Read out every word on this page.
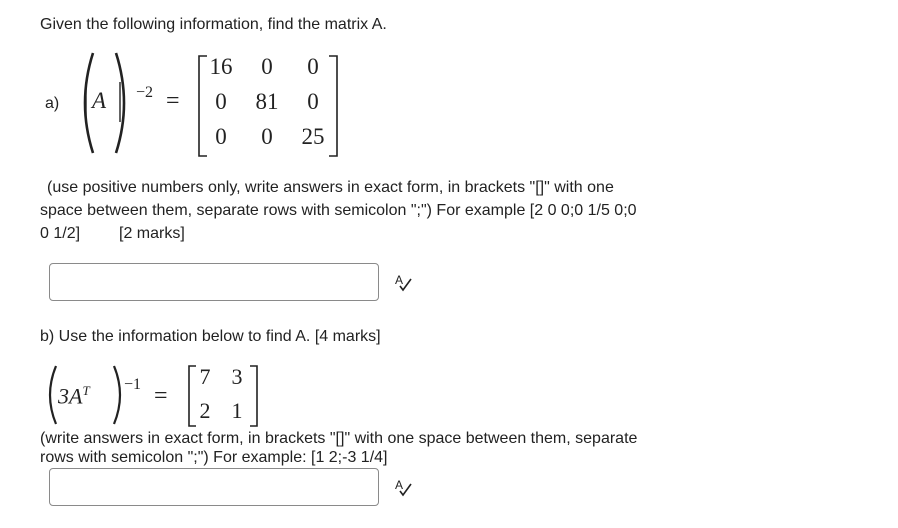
Given the following information, find the matrix A.
a) A −2 =
16	0	0
0	81	0
0	0	25
(use positive numbers only, write answers in exact form, in brackets "[]" with one
space between them, separate rows with semicolon ";") For example [2 0 0;0 1/5 0;0
0 1/2] [2 marks]
A
b) Use the information below to find A. [4 marks]
$3A^T -1$ =
7 3
2 1
(write answers in exact form, in brackets "[]" with one space between them, separate
rows with semicolon ";") For example: [1 2;-3 1/4]
A
